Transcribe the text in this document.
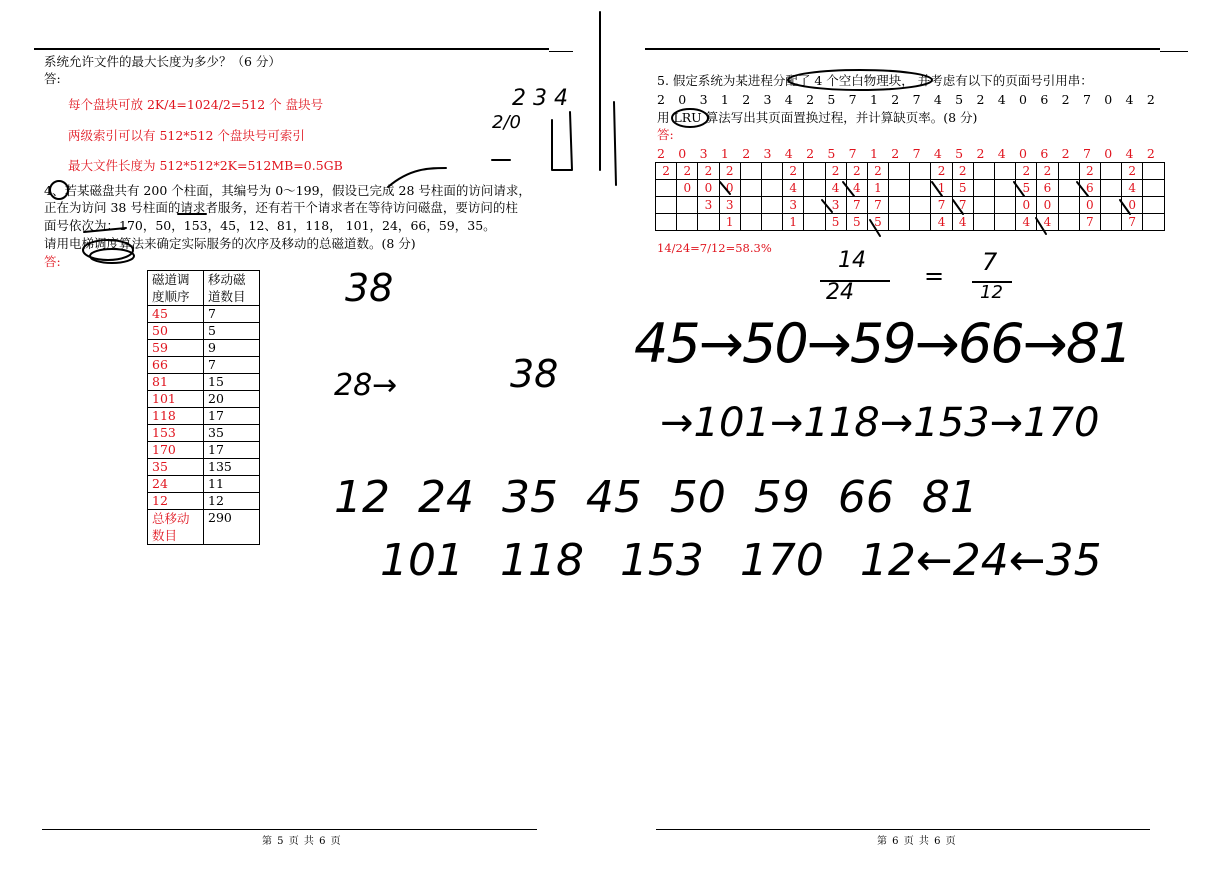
系统允许文件的最大长度为多少？（6 分）
答:
每个盘块可放 2K/4=1024/2=512 个 盘块号
两级索引可以有 512*512 个盘块号可索引
最大文件长度为 512*512*2K=512MB=0.5GB
4、若某磁盘共有 200 个柱面，其编号为 0～199，假设已完成 28 号柱面的访问请求，
正在为访问 38 号柱面的请求者服务，还有若干个请求者在等待访问磁盘，要访问的柱
面号依次为：170，50，153，45，12、81，118， 101，24，66，59，35。
请用电梯调度算法来确定实际服务的次序及移动的总磁道数。(8 分)
答:
磁道调
度顺序	移动磁
道数目
45	7
50	5
59	9
66	7
81	15
101	20
118	17
153	35
170	17
35	135
24	11
12	12
总移动
数目	290
5. 假定系统为某进程分配了 4 个空白物理块， 并考虑有以下的页面号引用串：
2 0 3 1 2 3 4 2 5 7 1 2 7 4 5 2 4 0 6 2 7 0 4 2
用 LRU 算法写出其页面置换过程，并计算缺页率。(8 分)
答:
2 0 3 1 2 3 4 2 5 7 1 2 7 4 5 2 4 0 6 2 7 0 4 2
2	2	2	2			2		2	2	2			2	2			2	2		2		2	
	0	0	0			4		4	4	1			1	5			5	6		6		4	
		3	3			3		3	7	7			7	7			0	0		0		0	
			1			1		5	5	5			4	4			4	4		7		7	
14/24=7/12=58.3%
第 5 页 共 6 页	第 6 页 共 6 页
2 3 4
2/0
14
24
= 7
12
38
28→	38 45→50→59→66→81
→101→118→153→170
12 24 35 45 50 59 66 81
101 118 153 170 12←24←35
